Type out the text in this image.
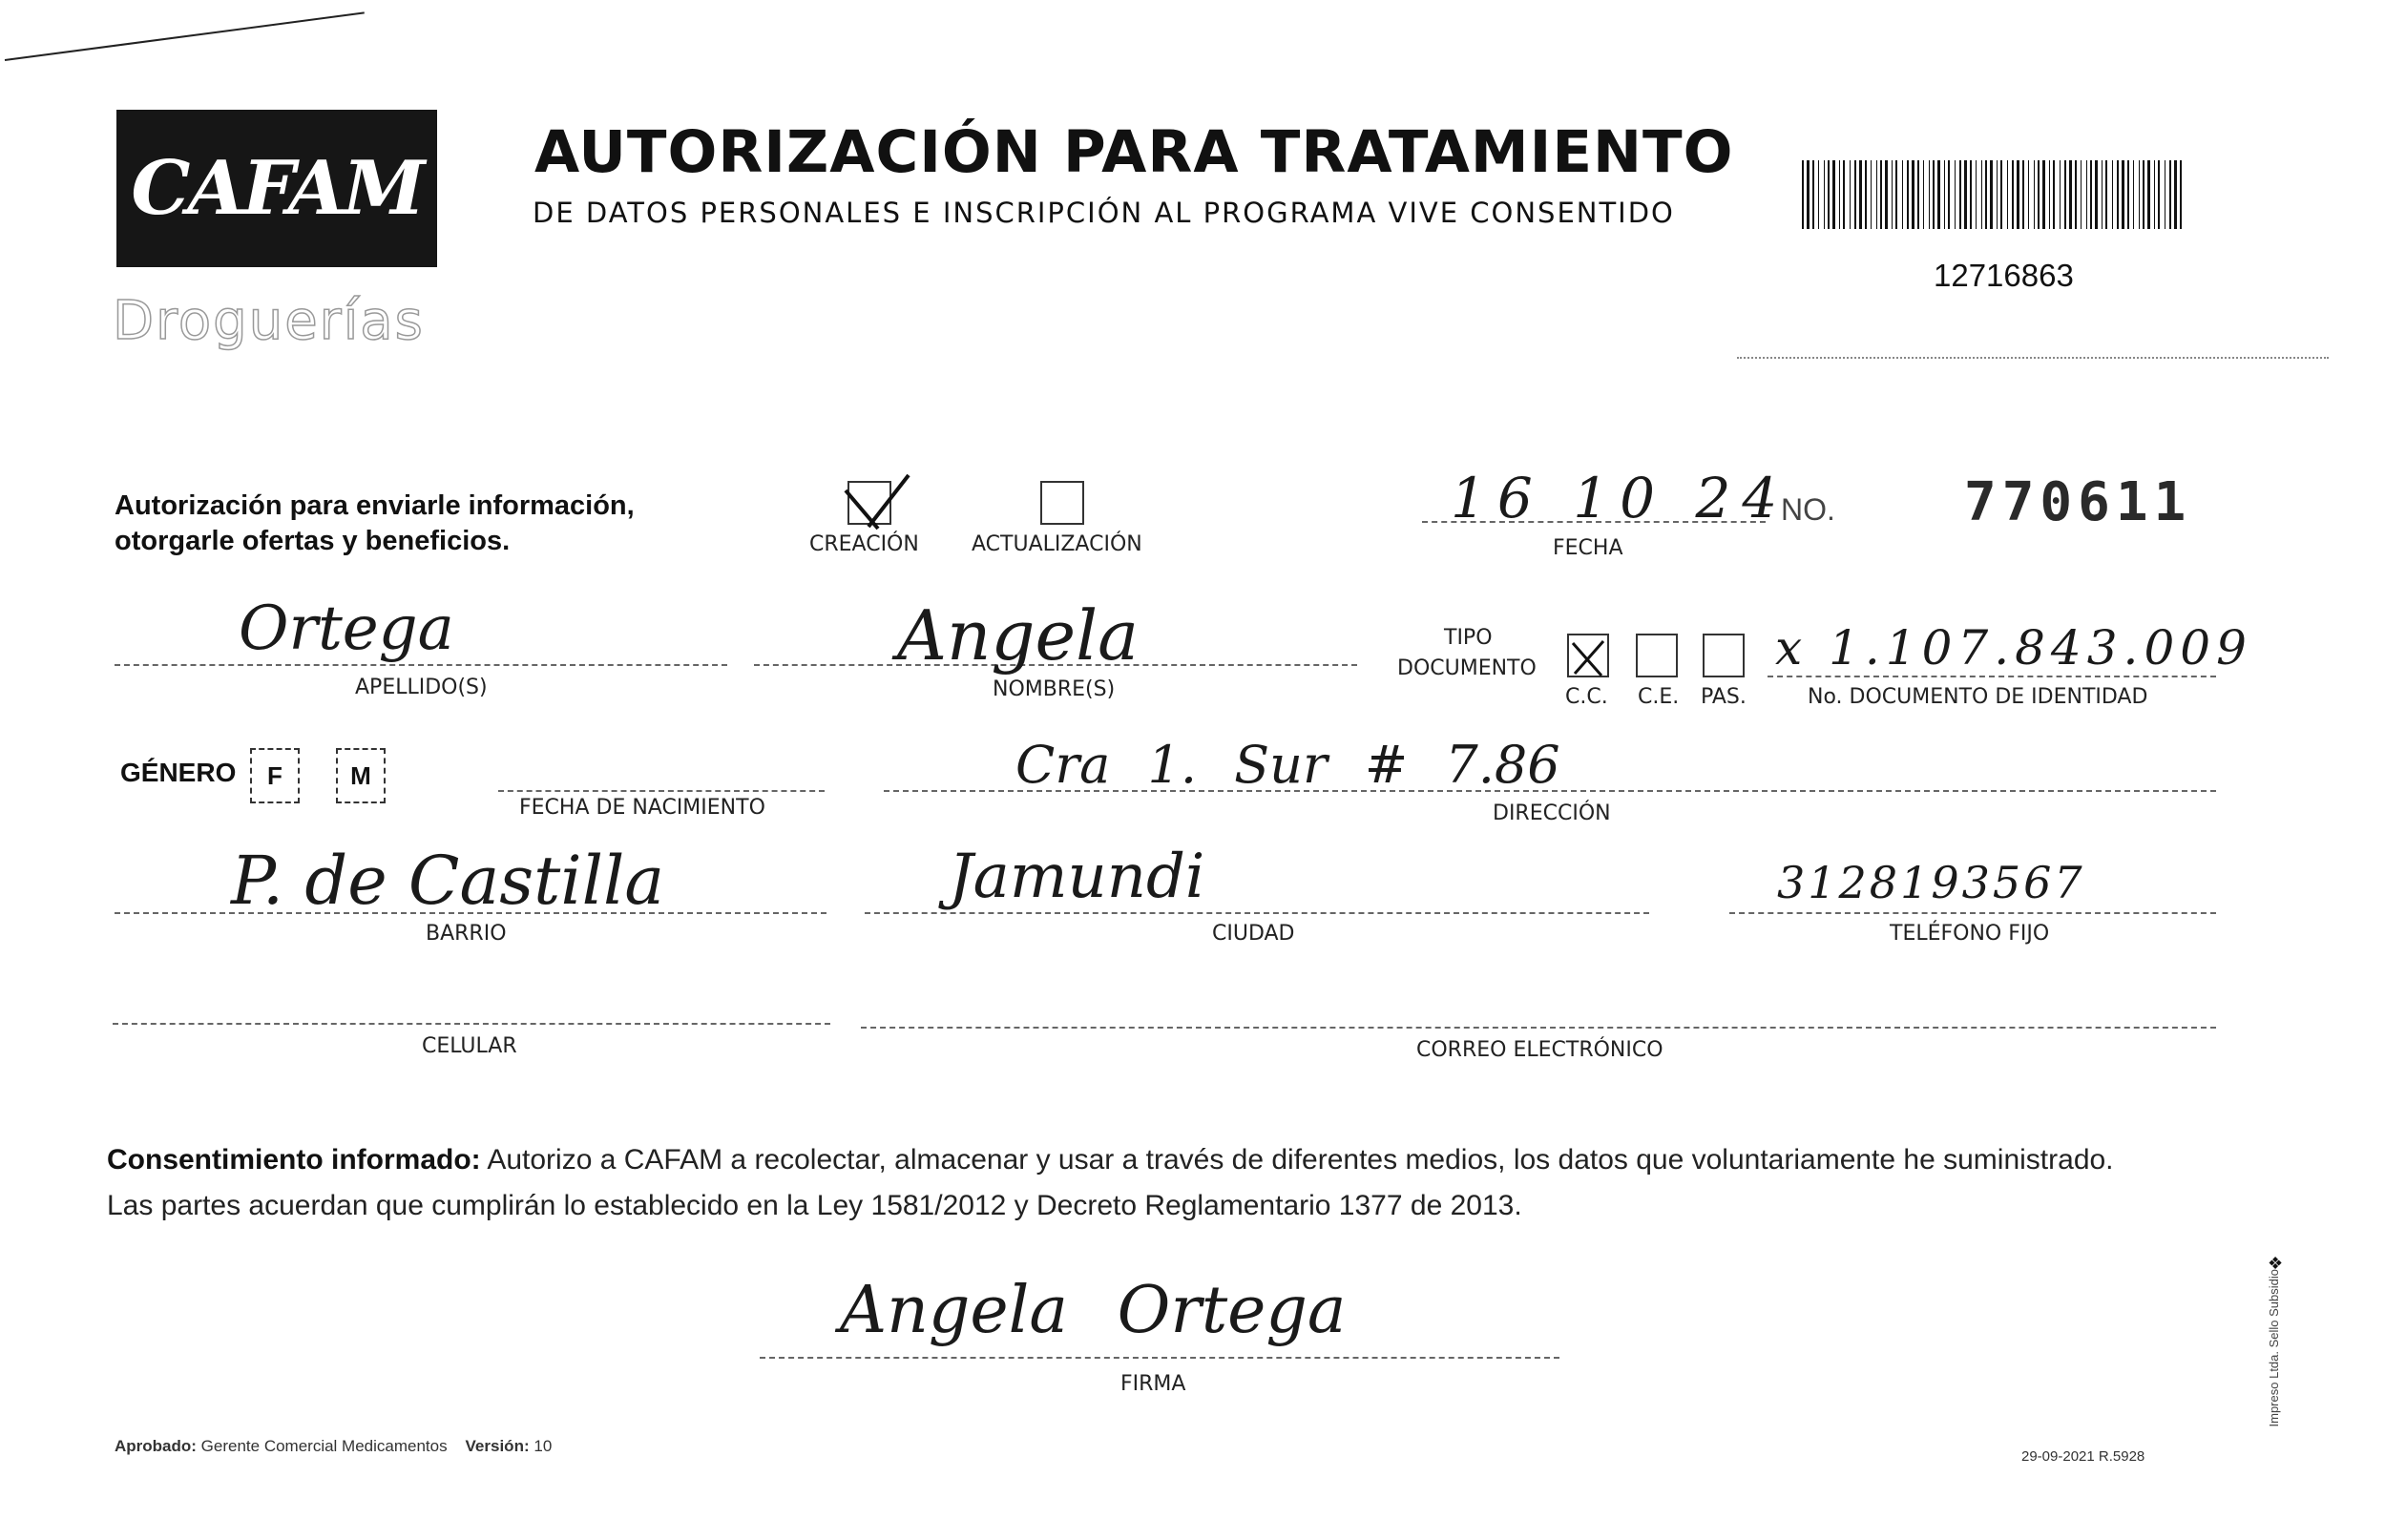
CAFAM
Droguerías
AUTORIZACIÓN PARA TRATAMIENTO
DE DATOS PERSONALES E INSCRIPCIÓN AL PROGRAMA VIVE CONSENTIDO
12716863
Autorización para enviarle información,
otorgarle ofertas y beneficios.	CREACIÓN	ACTUALIZACIÓN
16 10 24
FECHA
NO. 770611
Ortega
APELLIDO(S)
Angela
NOMBRE(S)
TIPO
DOCUMENTO
C.C. C.E. PAS.
x 1.107.843.009
No. DOCUMENTO DE IDENTIDAD
GÉNERO	F	M
FECHA DE NACIMIENTO
Cra 1. Sur # 7.86
DIRECCIÓN
P. de Castilla
BARRIO
Jamundi
CIUDAD
3128193567
TELÉFONO FIJO
CELULAR	CORREO ELECTRÓNICO
Consentimiento informado: Autorizo a CAFAM a recolectar, almacenar y usar a través de diferentes medios, los datos que voluntariamente he suministrado.
Las partes acuerdan que cumplirán lo establecido en la Ley 1581/2012 y Decreto Reglamentario 1377 de 2013.
Angela Ortega
FIRMA
Aprobado: Gerente Comercial Medicamentos Versión: 10
29-09-2021 R.5928
Impreso Ltda. Sello Subsidio
❖
